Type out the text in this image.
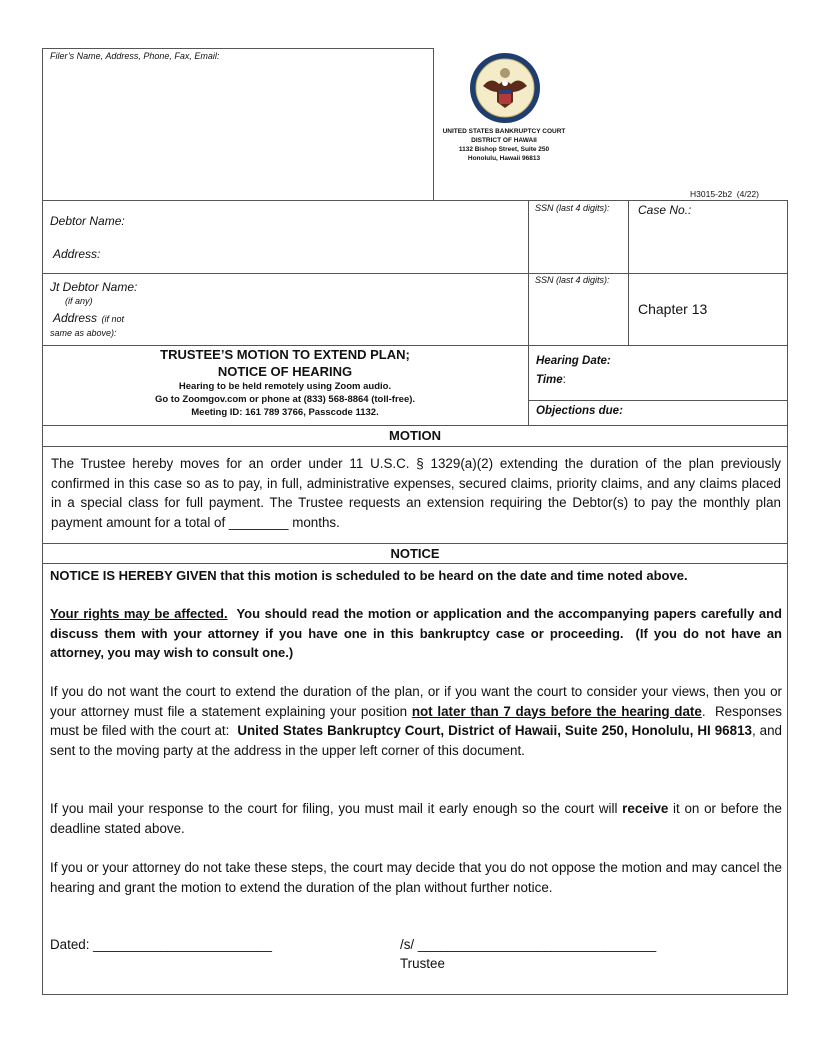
Filer’s Name, Address, Phone, Fax, Email:
UNITED STATES BANKRUPTCY COURT
DISTRICT OF HAWAII
1132 Bishop Street, Suite 250
Honolulu, Hawaii 96813
H3015-2b2  (4/22)
Debtor Name:
Address:
SSN (last 4 digits): Case No.:
Jt Debtor Name:
(if any)
Address (if not
same as above):
SSN (last 4 digits):
Chapter 13
TRUSTEE’S MOTION TO EXTEND PLAN;
NOTICE OF HEARING
Hearing to be held remotely using Zoom audio.
Go to Zoomgov.com or phone at (833) 568-8864 (toll-free).
Meeting ID: 161 789 3766, Passcode 1132.
Hearing Date:
Time:
Objections due:
MOTION
The Trustee hereby moves for an order under 11 U.S.C. § 1329(a)(2) extending the duration of the plan previously confirmed in this case so as to pay, in full, administrative expenses, secured claims, priority claims, and any claims placed in a special class for full payment. The Trustee requests an extension requiring the Debtor(s) to pay the monthly plan payment amount for a total of ________ months.
NOTICE
NOTICE IS HEREBY GIVEN that this motion is scheduled to be heard on the date and time noted above.
Your rights may be affected.  You should read the motion or application and the accompanying papers carefully and discuss them with your attorney if you have one in this bankruptcy case or proceeding.  (If you do not have an attorney, you may wish to consult one.)
If you do not want the court to extend the duration of the plan, or if you want the court to consider your views, then you or your attorney must file a statement explaining your position not later than 7 days before the hearing date.  Responses must be filed with the court at:  United States Bankruptcy Court, District of Hawaii, Suite 250, Honolulu, HI 96813, and sent to the moving party at the address in the upper left corner of this document.
If you mail your response to the court for filing, you must mail it early enough so the court will receive it on or before the deadline stated above.
If you or your attorney do not take these steps, the court may decide that you do not oppose the motion and may cancel the hearing and grant the motion to extend the duration of the plan without further notice.
Dated: ________________________	/s/ ________________________________
Trustee
